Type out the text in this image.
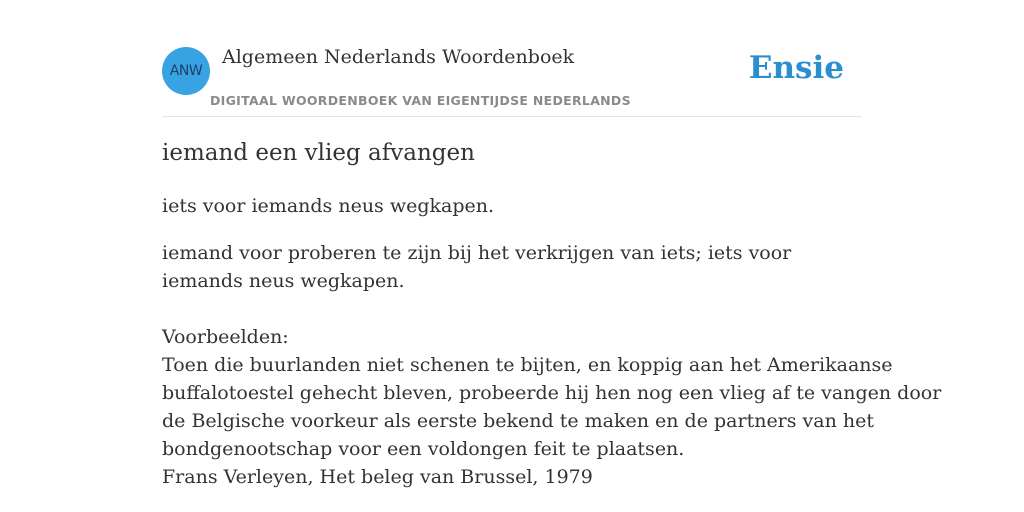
ANW
Algemeen Nederlands Woordenboek
DIGITAAL WOORDENBOEK VAN EIGENTIJDSE NEDERLANDS
Ensie
iemand een vlieg afvangen
iets voor iemands neus wegkapen.
iemand voor proberen te zijn bij het verkrijgen van iets; iets voor iemands neus wegkapen.
Voorbeelden:
Toen die buurlanden niet schenen te bijten, en koppig aan het Amerikaanse
buffalotoestel gehecht bleven, probeerde hij hen nog een vlieg af te vangen door
de Belgische voorkeur als eerste bekend te maken en de partners van het
bondgenootschap voor een voldongen feit te plaatsen.
Frans Verleyen, Het beleg van Brussel, 1979
